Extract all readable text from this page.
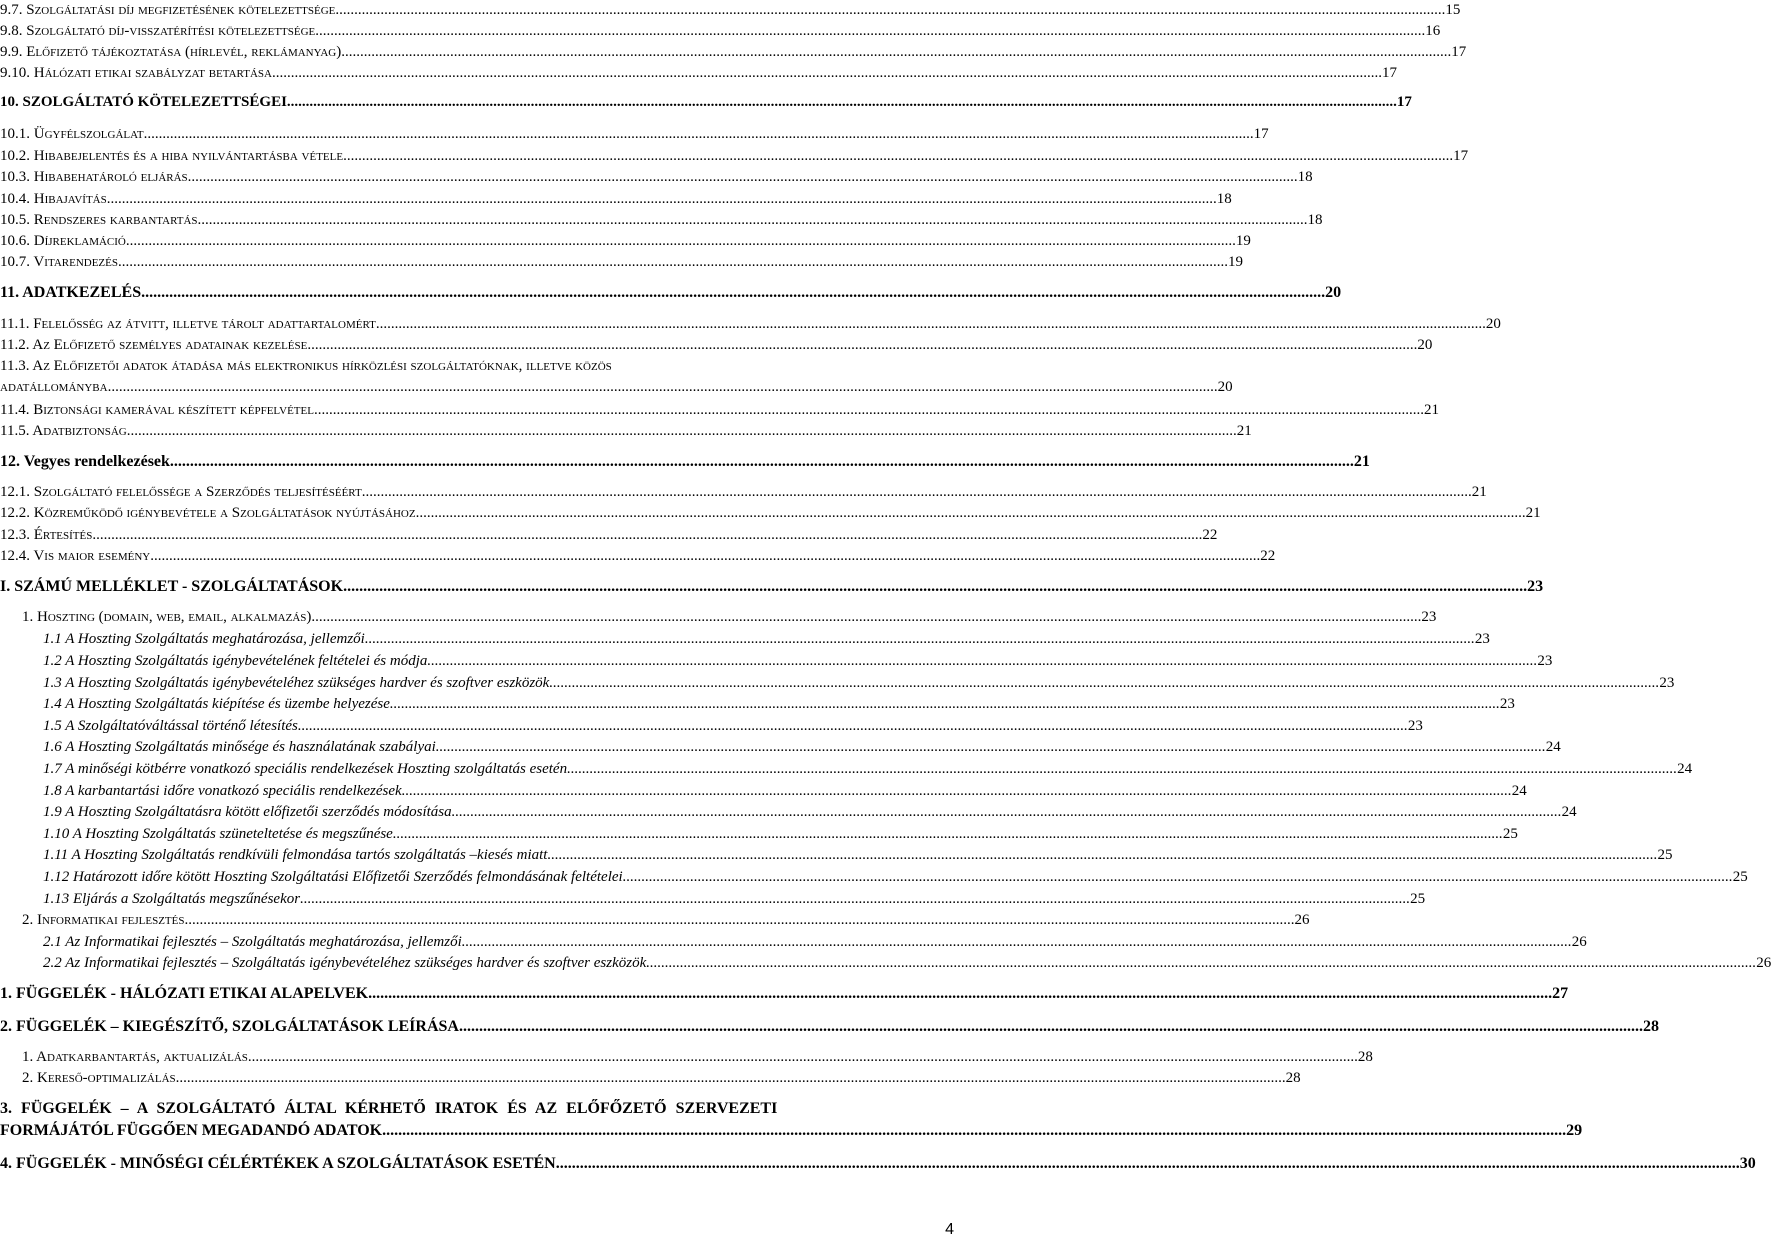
9.7. Szolgáltatási díj megfizetésének kötelezettsége .....	15
9.8. Szolgáltató díj-visszatérítési kötelezettsége .....	16
9.9. Előfizető tájékoztatása (hírlevél, reklámanyag) .....	17
9.10. Hálózati etikai szabályzat betartása .....	17
10. SZOLGÁLTATÓ KÖTELEZETTSÉGEI .....	17
10.1. Ügyfélszolgálat .....	17
10.2. Hibabejelentés és a hiba nyilvántartásba vétele .....	17
10.3. Hibabehatároló eljárás .....	18
10.4. Hibajavítás .....	18
10.5. Rendszeres karbantartás .....	18
10.6. Díjreklamáció .....	19
10.7. Vitarendezés .....	19
11. ADATKEZELÉS .....	20
11.1. Felelősség az átvitt, illetve tárolt adattartalomért .....	20
11.2. Az Előfizető személyes adatainak kezelése .....	20
11.3. Az Előfizetői adatok átadása más elektronikus hírközlési szolgáltatóknak, illetve közös
adatállományba .....	20
11.4. Biztonsági kamerával készített képfelvétel .....	21
11.5. Adatbiztonság .....	21
12. Vegyes rendelkezések .....	21
12.1. Szolgáltató felelőssége a Szerződés teljesítéséért .....	21
12.2. Közreműködő igénybevétele a Szolgáltatások nyújtásához .....	21
12.3. Értesítés .....	22
12.4. Vis maior esemény .....	22
I. SZÁMÚ MELLÉKLET - SZOLGÁLTATÁSOK .....	23
1. Hoszting (domain, web, email, alkalmazás) .....	23
1.1 A Hoszting Szolgáltatás meghatározása, jellemzői .....	23
1.2 A Hoszting Szolgáltatás igénybevételének feltételei és módja .....	23
1.3 A Hoszting Szolgáltatás igénybevételéhez szükséges hardver és szoftver eszközök .....	23
1.4 A Hoszting Szolgáltatás kiépítése és üzembe helyezése .....	23
1.5 A Szolgáltatóváltással történő létesítés .....	23
1.6 A Hoszting Szolgáltatás minősége és használatának szabályai .....	24
1.7 A minőségi kötbérre vonatkozó speciális rendelkezések Hoszting szolgáltatás esetén .....	24
1.8 A karbantartási időre vonatkozó speciális rendelkezések .....	24
1.9 A Hoszting Szolgáltatásra kötött előfizetői szerződés módosítása .....	24
1.10 A Hoszting Szolgáltatás szüneteltetése és megszűnése .....	25
1.11 A Hoszting Szolgáltatás rendkívüli felmondása tartós szolgáltatás –kiesés miatt .....	25
1.12 Határozott időre kötött Hoszting Szolgáltatási Előfizetői Szerződés felmondásának feltételei .....	25
1.13 Eljárás a Szolgáltatás megszűnésekor .....	25
2. Informatikai fejlesztés .....	26
2.1 Az Informatikai fejlesztés – Szolgáltatás meghatározása, jellemzői .....	26
2.2 Az Informatikai fejlesztés – Szolgáltatás igénybevételéhez szükséges hardver és szoftver eszközök .....	26
1. FÜGGELÉK - HÁLÓZATI ETIKAI ALAPELVEK .....	27
2. FÜGGELÉK – KIEGÉSZÍTŐ, SZOLGÁLTATÁSOK LEÍRÁSA .....	28
1. Adatkarbantartás, aktualizálás .....	28
2. Kereső-optimalizálás .....	28
3. FÜGGELÉK – A SZOLGÁLTATÓ ÁLTAL KÉRHETŐ IRATOK ÉS AZ ELŐFŐZETŐ SZERVEZETI
FORMÁJÁTÓL FÜGGŐEN MEGADANDÓ ADATOK .....	29
4. FÜGGELÉK - MINŐSÉGI CÉLÉRTÉKEK A SZOLGÁLTATÁSOK ESETÉN .....	30
4
